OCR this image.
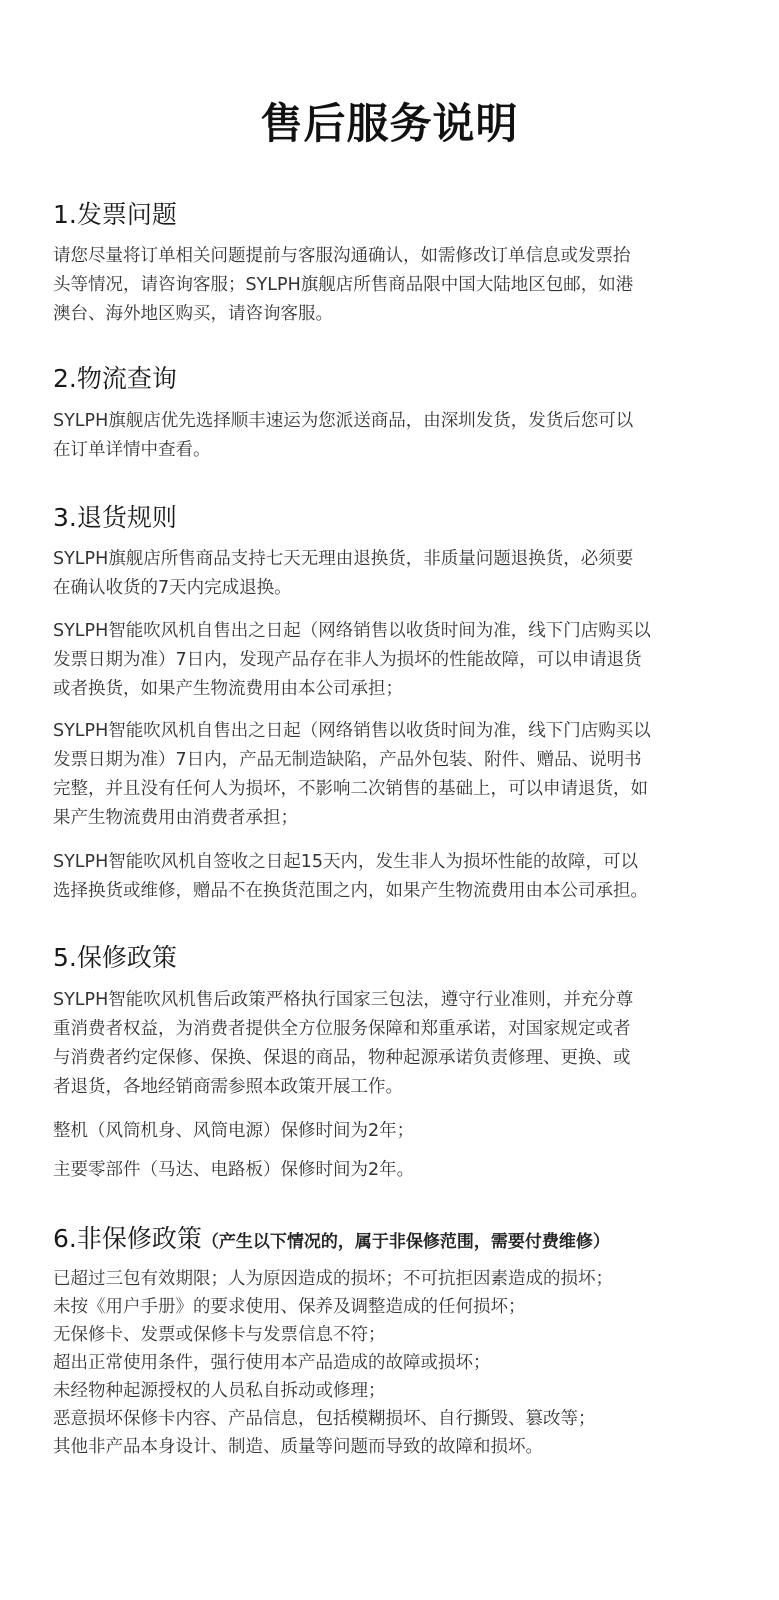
售后服务说明
1.发票问题
请您尽量将订单相关问题提前与客服沟通确认，如需修改订单信息或发票抬
头等情况，请咨询客服；SYLPH旗舰店所售商品限中国大陆地区包邮，如港
澳台、海外地区购买，请咨询客服。
2.物流查询
SYLPH旗舰店优先选择顺丰速运为您派送商品，由深圳发货，发货后您可以
在订单详情中查看。
3.退货规则
SYLPH旗舰店所售商品支持七天无理由退换货，非质量问题退换货，必须要
在确认收货的7天内完成退换。
SYLPH智能吹风机自售出之日起（网络销售以收货时间为准，线下门店购买以
发票日期为准）7日内，发现产品存在非人为损坏的性能故障，可以申请退货
或者换货，如果产生物流费用由本公司承担；
SYLPH智能吹风机自售出之日起（网络销售以收货时间为准，线下门店购买以
发票日期为准）7日内，产品无制造缺陷，产品外包装、附件、赠品、说明书
完整，并且没有任何人为损坏，不影响二次销售的基础上，可以申请退货，如
果产生物流费用由消费者承担；
SYLPH智能吹风机自签收之日起15天内，发生非人为损坏性能的故障，可以
选择换货或维修，赠品不在换货范围之内，如果产生物流费用由本公司承担。
5.保修政策
SYLPH智能吹风机售后政策严格执行国家三包法，遵守行业准则，并充分尊
重消费者权益，为消费者提供全方位服务保障和郑重承诺，对国家规定或者
与消费者约定保修、保换、保退的商品，物种起源承诺负责修理、更换、或
者退货，各地经销商需参照本政策开展工作。
整机（风筒机身、风筒电源）保修时间为2年；
主要零部件（马达、电路板）保修时间为2年。
6.非保修政策（产生以下情况的，属于非保修范围，需要付费维修）
已超过三包有效期限；人为原因造成的损坏；不可抗拒因素造成的损坏；
未按《用户手册》的要求使用、保养及调整造成的任何损坏；
无保修卡、发票或保修卡与发票信息不符；
超出正常使用条件，强行使用本产品造成的故障或损坏；
未经物种起源授权的人员私自拆动或修理；
恶意损坏保修卡内容、产品信息，包括模糊损坏、自行撕毁、篡改等；
其他非产品本身设计、制造、质量等问题而导致的故障和损坏。
